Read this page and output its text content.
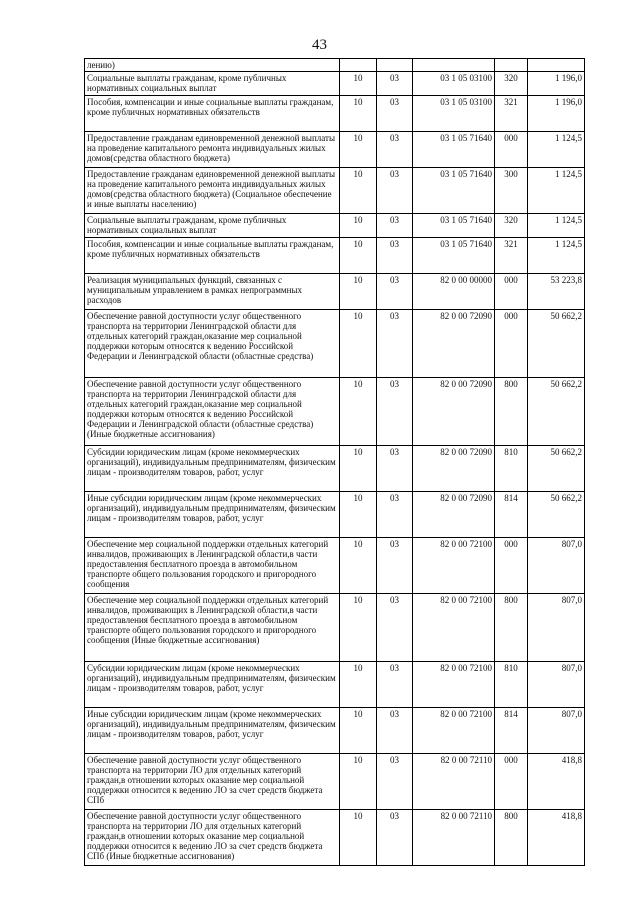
43
лению)					
Социальные выплаты гражданам, кроме публичных нормативных социальных выплат	10	03	03 1 05 03100	320	1 196,0
Пособия, компенсации и иные социальные выплаты гражданам, кроме публичных нормативных обязательств	10	03	03 1 05 03100	321	1 196,0
Предоставление гражданам единовременной денежной выплаты на проведение капитального ремонта индивидуальных жилых домов(средства областного бюджета)	10	03	03 1 05 71640	000	1 124,5
Предоставление гражданам единовременной денежной выплаты на проведение капитального ремонта индивидуальных жилых домов(средства областного бюджета) (Социальное обеспечение и иные выплаты населению)	10	03	03 1 05 71640	300	1 124,5
Социальные выплаты гражданам, кроме публичных нормативных социальных выплат	10	03	03 1 05 71640	320	1 124,5
Пособия, компенсации и иные социальные выплаты гражданам, кроме публичных нормативных обязательств	10	03	03 1 05 71640	321	1 124,5
Реализация муниципальных функций, связанных с муниципальным управлением в рамках непрограммных расходов	10	03	82 0 00 00000	000	53 223,8
Обеспечение равной доступности услуг общественного транспорта на территории Ленинградской области для отдельных категорий граждан,оказание мер социальной поддержки которым относятся к ведению Российской Федерации и Ленинградской области (областные средства)	10	03	82 0 00 72090	000	50 662,2
Обеспечение равной доступности услуг общественного транспорта на территории Ленинградской области для отдельных категорий граждан,оказание мер социальной поддержки которым относятся к ведению Российской Федерации и Ленинградской области (областные средства) (Иные бюджетные ассигнования)	10	03	82 0 00 72090	800	50 662,2
Субсидии юридическим лицам (кроме некоммерческих организаций), индивидуальным предпринимателям, физическим лицам - производителям товаров, работ, услуг	10	03	82 0 00 72090	810	50 662,2
Иные субсидии юридическим лицам (кроме некоммерческих организаций), индивидуальным предпринимателям, физическим лицам - производителям товаров, работ, услуг	10	03	82 0 00 72090	814	50 662,2
Обеспечение мер социальной поддержки отдельных категорий инвалидов, проживающих в Ленинградской области,в части предоставления бесплатного проезда в автомобильном транспорте общего пользования городского и пригородного сообщения	10	03	82 0 00 72100	000	807,0
Обеспечение мер социальной поддержки отдельных категорий инвалидов, проживающих в Ленинградской области,в части предоставления бесплатного проезда в автомобильном транспорте общего пользования городского и пригородного сообщения (Иные бюджетные ассигнования)	10	03	82 0 00 72100	800	807,0
Субсидии юридическим лицам (кроме некоммерческих организаций), индивидуальным предпринимателям, физическим лицам - производителям товаров, работ, услуг	10	03	82 0 00 72100	810	807,0
Иные субсидии юридическим лицам (кроме некоммерческих организаций), индивидуальным предпринимателям, физическим лицам - производителям товаров, работ, услуг	10	03	82 0 00 72100	814	807,0
Обеспечение равной доступности услуг общественного транспорта на территории ЛО для отдельных категорий граждан,в отношении которых оказание мер социальной поддержки относится к ведению ЛО за счет средств бюджета СПб	10	03	82 0 00 72110	000	418,8
Обеспечение равной доступности услуг общественного транспорта на территории ЛО для отдельных категорий граждан,в отношении которых оказание мер социальной поддержки относится к ведению ЛО за счет средств бюджета СПб (Иные бюджетные ассигнования)	10	03	82 0 00 72110	800	418,8
